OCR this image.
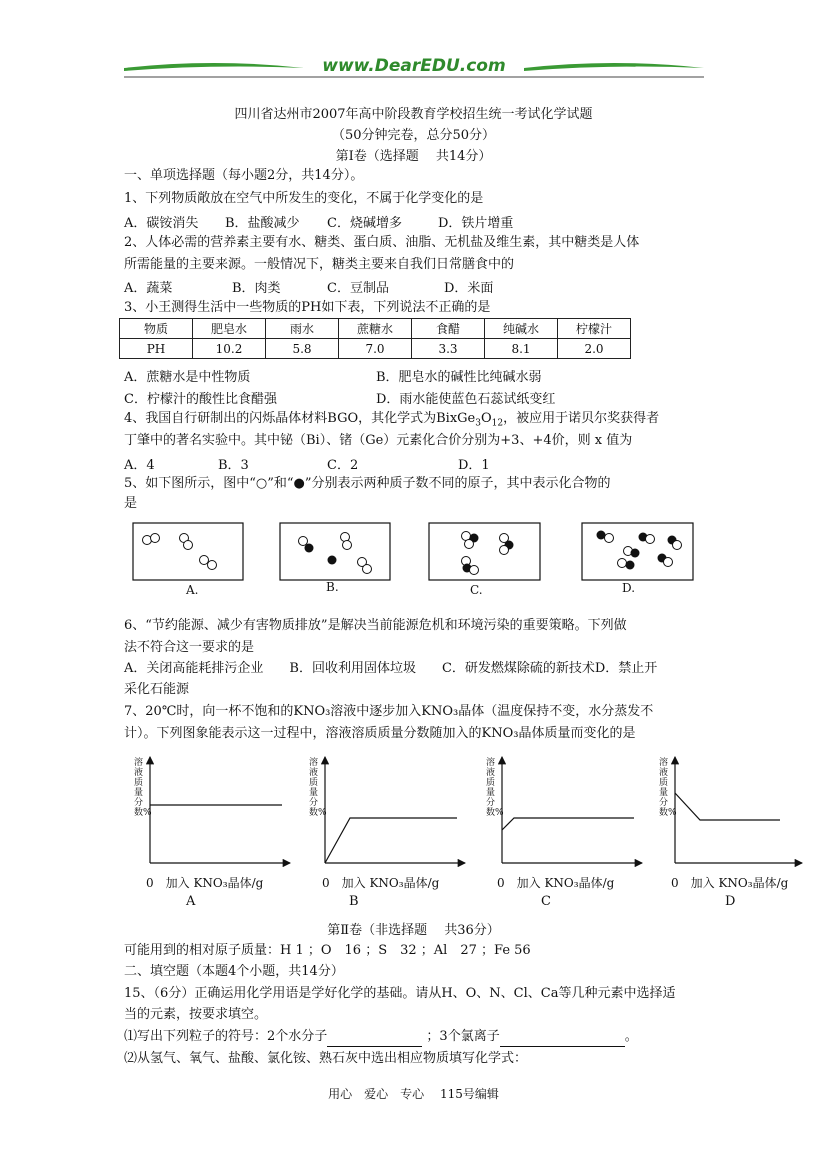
www.DearEDU.com
四川省达州市2007年高中阶段教育学校招生统一考试化学试题
（50分钟完卷，总分50分）
第Ⅰ卷（选择题　 共14分）
一、单项选择题（每小题2分，共14分）。
1、下列物质敞放在空气中所发生的变化，不属于化学变化的是
A．碳铵消失 B．盐酸减少 C．烧碱增多	D．铁片增重
2、人体必需的营养素主要有水、糖类、蛋白质、油脂、无机盐及维生素，其中糖类是人体
所需能量的主要来源。一般情况下，糖类主要来自我们日常膳食中的
A．蔬菜	B．肉类	C．豆制品	D．米面
3、小王测得生活中一些物质的PH如下表，下列说法不正确的是
物质	肥皂水	雨水	蔗糖水	食醋	纯碱水	柠檬汁
PH	10.2	5.8	7.0	3.3	8.1	2.0
A．蔗糖水是中性物质	B．肥皂水的碱性比纯碱水弱
C．柠檬汁的酸性比食醋强	D．雨水能使蓝色石蕊试纸变红
4、我国自行研制出的闪烁晶体材料BGO，其化学式为$BixGe_3O_{12}$，被应用于诺贝尔奖获得者
丁肇中的著名实验中。其中铋（Bi）、锗（Ge）元素化合价分别为+3、+4价，则 x 值为
A．4	B．3	C．2	D．1
5、如下图所示，图中“○”和“●”分别表示两种质子数不同的原子，其中表示化合物的
是
A.	B.	C.	D.
6、“节约能源、减少有害物质排放”是解决当前能源危机和环境污染的重要策略。下列做
法不符合这一要求的是
A．关闭高能耗排污企业　　B．回收利用固体垃圾　　C．研发燃煤除硫的新技术D．禁止开
采化石能源
7、20℃时，向一杯不饱和的KNO₃溶液中逐步加入KNO₃晶体（温度保持不变，水分蒸发不
计）。下列图象能表示这一过程中，溶液溶质质量分数随加入的KNO₃晶体质量而变化的是
溶液质量分数%
溶液质量分数%
溶液质量分数%
溶液质量分数%
0　加入 KNO₃晶体/g	0　加入 KNO₃晶体/g	0　加入 KNO₃晶体/g	0　加入 KNO₃晶体/g
A	B	C	D
第Ⅱ卷（非选择题　 共36分）
可能用到的相对原子质量：H 1 ；O　16 ；S　32 ；Al　27 ；Fe 56
二、填空题（本题4个小题，共14分）
15、（6分）正确运用化学用语是学好化学的基础。请从H、O、N、Cl、Ca等几种元素中选择适
当的元素，按要求填空。
⑴写出下列粒子的符号：2个水分子	；3个氯离子	。
⑵从氢气、氧气、盐酸、氯化铵、熟石灰中选出相应物质填写化学式：
用心　爱心　专心　 115号编辑
